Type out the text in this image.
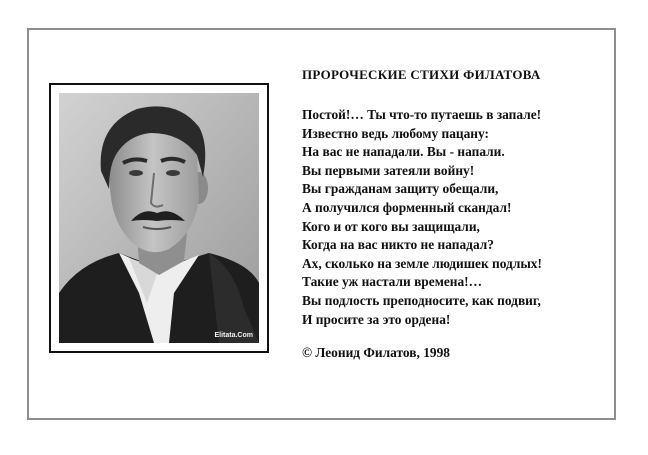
Elitata.Com
ПРОРОЧЕСКИЕ СТИХИ ФИЛАТОВА
Постой!… Ты что-то путаешь в запале!
Известно ведь любому пацану:
На вас не нападали. Вы - напали.
Вы первыми затеяли войну!
Вы гражданам защиту обещали,
А получился форменный скандал!
Кого и от кого вы защищали,
Когда на вас никто не нападал?
Ах, сколько на земле людишек подлых!
Такие уж настали времена!…
Вы подлость преподносите, как подвиг,
И просите за это ордена!
© Леонид Филатов, 1998
